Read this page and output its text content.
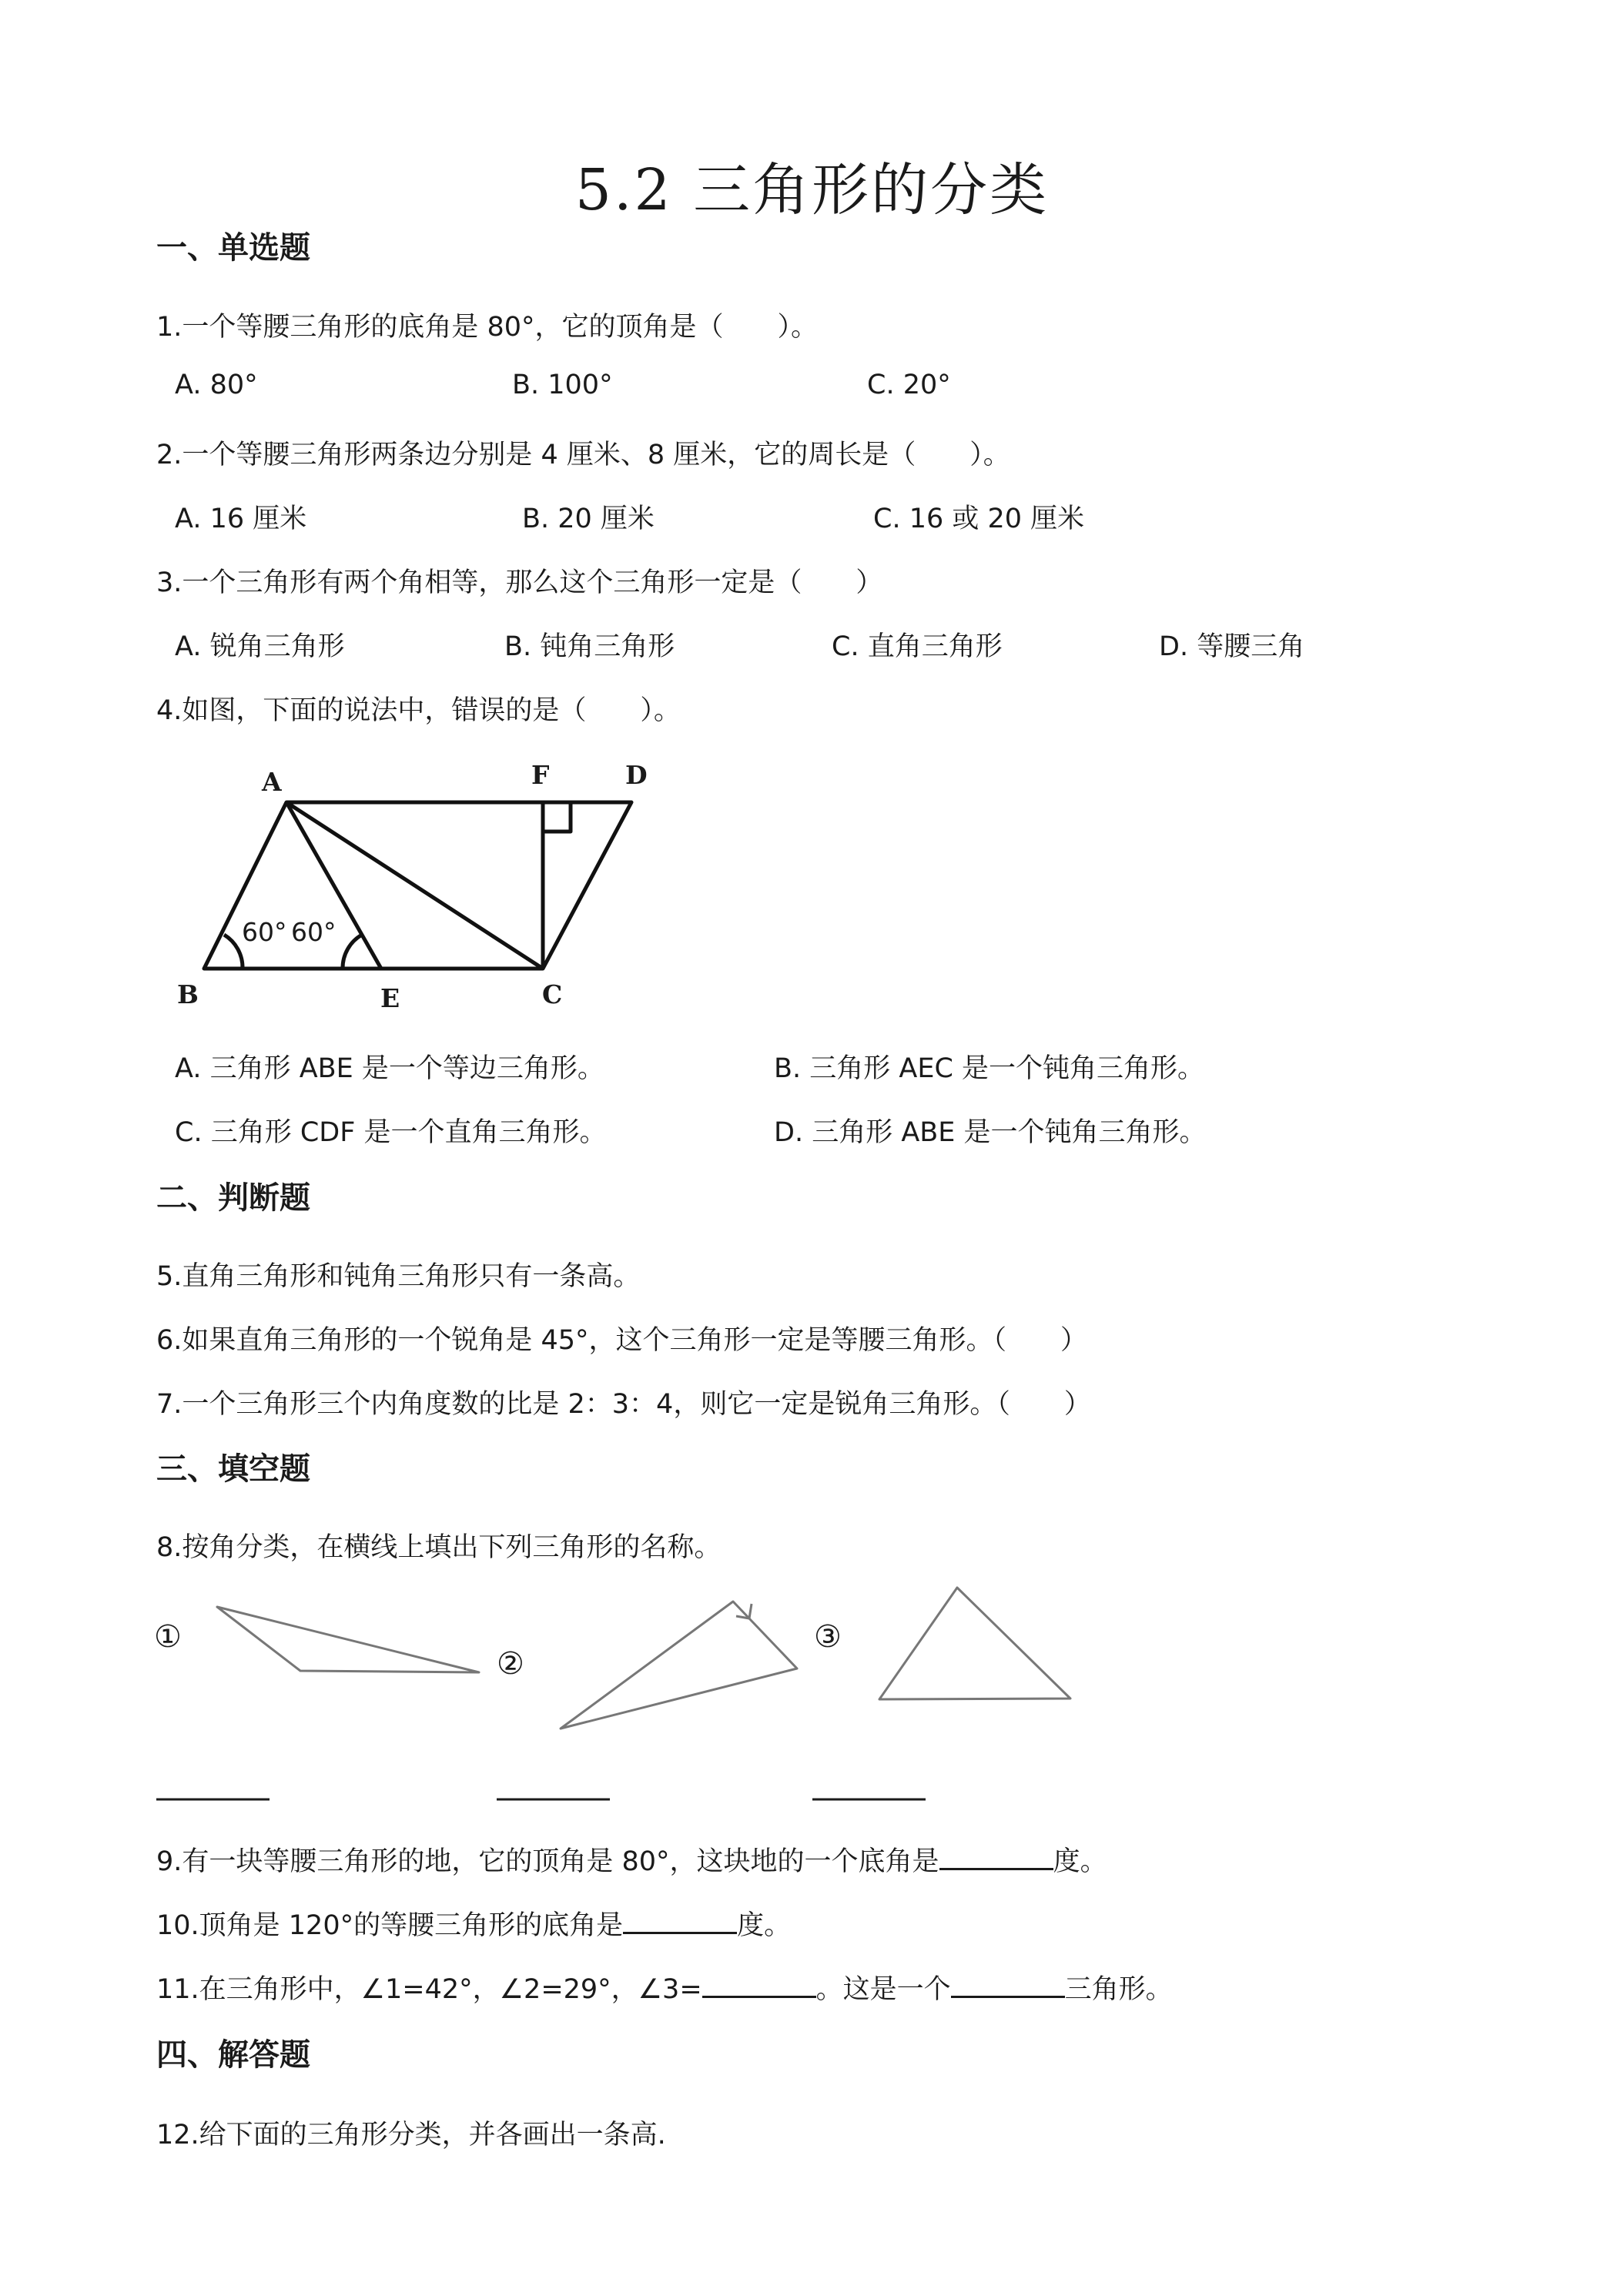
5.2 三角形的分类
一、单选题
1.一个等腰三角形的底角是 80°，它的顶角是（　　）。
A. 80°	B. 100°	C. 20°
2.一个等腰三角形两条边分别是 4 厘米、8 厘米，它的周长是（　　）。
A. 16 厘米	B. 20 厘米	C. 16 或 20 厘米
3.一个三角形有两个角相等，那么这个三角形一定是（　　）
A. 锐角三角形	B. 钝角三角形	C. 直角三角形	D. 等腰三角
4.如图，下面的说法中，错误的是（　　）。
A	F	D
B	E	C
60° 60°
A. 三角形 ABE 是一个等边三角形。	B. 三角形 AEC 是一个钝角三角形。
C. 三角形 CDF 是一个直角三角形。	D. 三角形 ABE 是一个钝角三角形。
二、判断题
5.直角三角形和钝角三角形只有一条高。
6.如果直角三角形的一个锐角是 45°，这个三角形一定是等腰三角形。（　　）
7.一个三角形三个内角度数的比是 2：3：4，则它一定是锐角三角形。（　　）
三、填空题
8.按角分类，在横线上填出下列三角形的名称。
①
②
③
9.有一块等腰三角形的地，它的顶角是 80°，这块地的一个底角是	度。
10.顶角是 120°的等腰三角形的底角是	度。
11.在三角形中，∠1=42°，∠2=29°，∠3=	。这是一个	三角形。
四、解答题
12.给下面的三角形分类，并各画出一条高.
